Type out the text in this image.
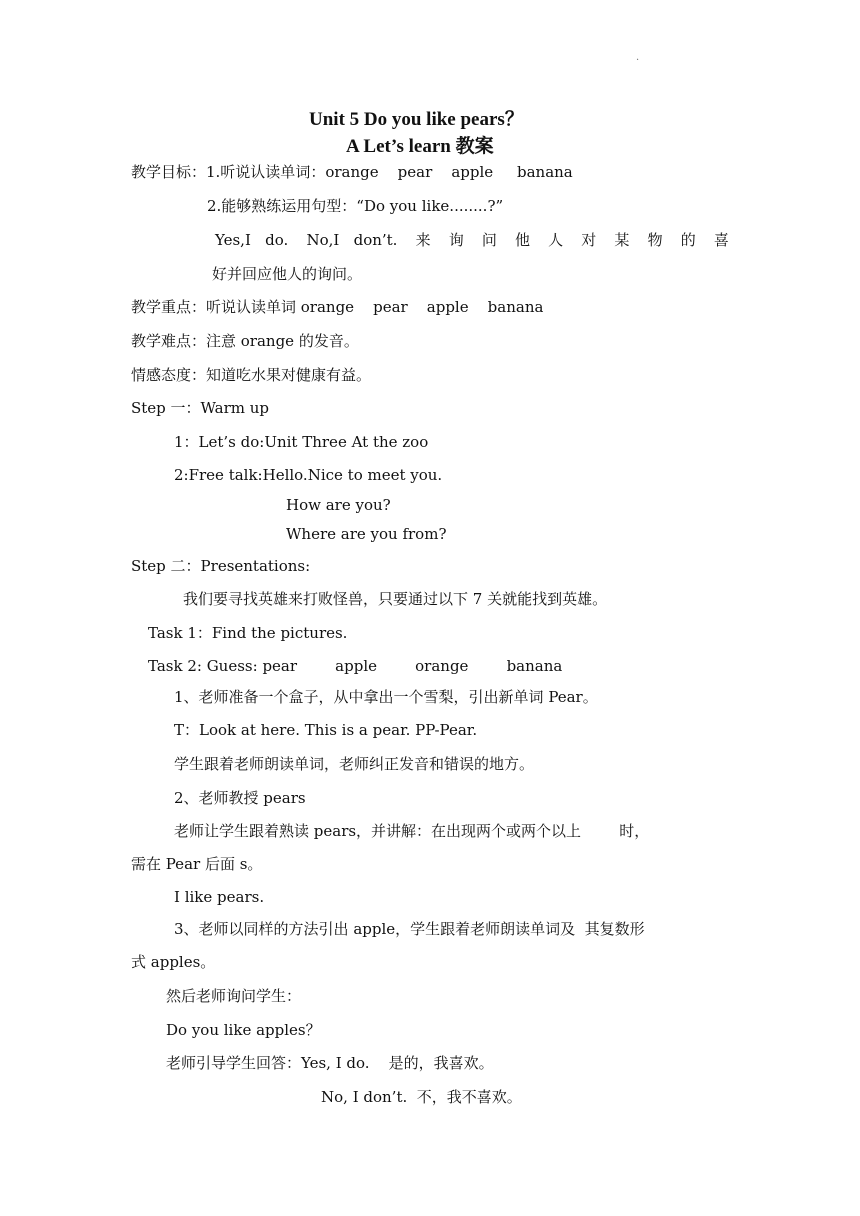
·
Unit 5 Do you like pears？
A Let’s learn 教案
教学目标：1.听说认读单词：orange    pear    apple     banana
2.能够熟练运用句型：“Do you like........?”
Yes,I   do. No,I   don’t. 来 询 问 他 人 对 某 物 的 喜
好并回应他人的询问。
教学重点：听说认读单词 orange    pear    apple    banana
教学难点：注意 orange 的发音。
情感态度：知道吃水果对健康有益。
Step 一：Warm up
1：Let’s do:Unit Three At the zoo
2:Free talk:Hello.Nice to meet you.
How are you?
Where are you from?
Step 二：Presentations:
我们要寻找英雄来打败怪兽，只要通过以下 7 关就能找到英雄。
Task 1：Find the pictures.
Task 2: Guess: pear        apple        orange        banana
1、老师准备一个盒子，从中拿出一个雪梨，引出新单词 Pear。
T：Look at here. This is a pear. PP-Pear.
学生跟着老师朗读单词，老师纠正发音和错误的地方。
2、老师教授 pears
老师让学生跟着熟读 pears，并讲解：在出现两个或两个以上        时，
需在 Pear 后面 s。
I like pears.
3、老师以同样的方法引出 apple，学生跟着老师朗读单词及  其复数形
式 apples。
然后老师询问学生：
Do you like apples？
老师引导学生回答：Yes, I do.    是的，我喜欢。
No, I don’t.  不，我不喜欢。
